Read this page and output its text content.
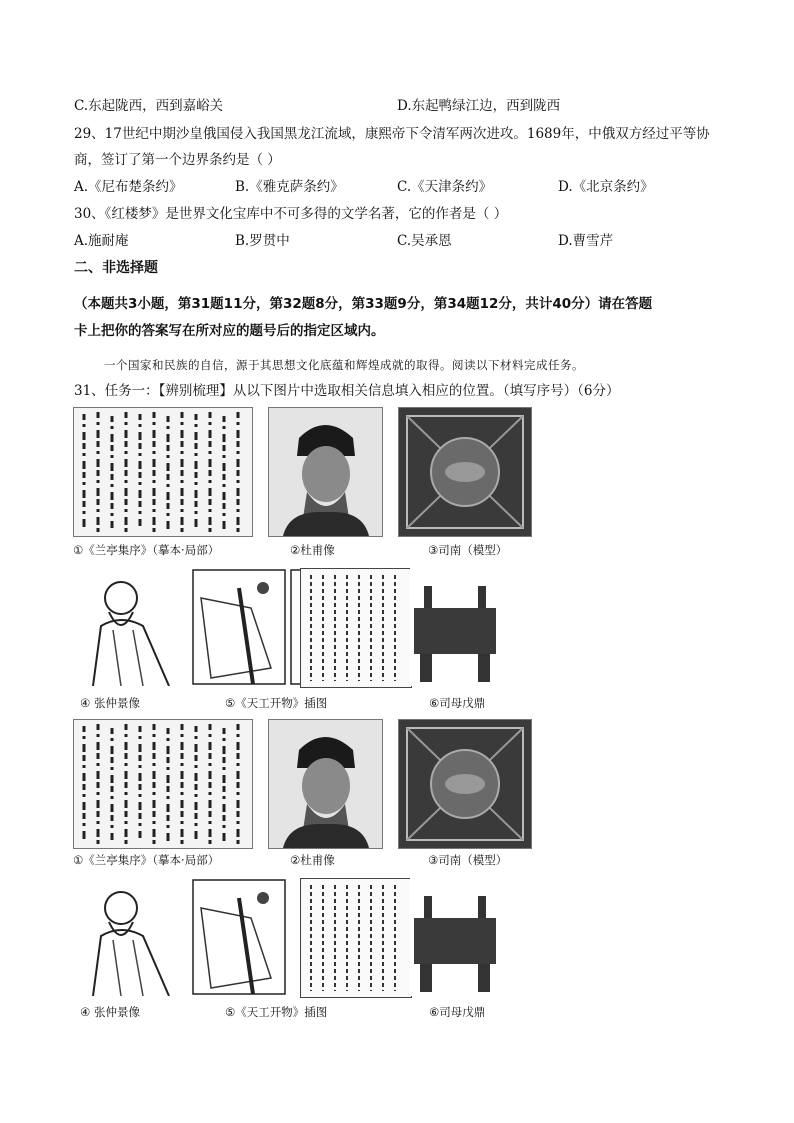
C.东起陇西，西到嘉峪关	D.东起鸭绿江边，西到陇西
29、17世纪中期沙皇俄国侵入我国黑龙江流域，康熙帝下令清军两次进攻。1689年，中俄双方经过平等协
商，签订了第一个边界条约是（ ）
A.《尼布楚条约》	B.《雅克萨条约》	C.《天津条约》	D.《北京条约》
30、《红楼梦》是世界文化宝库中不可多得的文学名著，它的作者是（ ）
A.施耐庵	B.罗贯中	C.吴承恩	D.曹雪芹
二、非选择题
（本题共3小题，第31题11分，第32题8分，第33题9分，第34题12分，共计40分）请在答题
卡上把你的答案写在所对应的题号后的指定区域内。
一个国家和民族的自信，源于其思想文化底蕴和辉煌成就的取得。阅读以下材料完成任务。
31、任务一：【辨别梳理】从以下图片中选取相关信息填入相应的位置。（填写序号）（6分）
①《兰亭集序》（摹本·局部）	②杜甫像	③司南（模型）
④ 张仲景像	⑤《天工开物》插图	⑥司母戊鼎
①《兰亭集序》（摹本·局部）	②杜甫像	③司南（模型）
④ 张仲景像	⑤《天工开物》插图	⑥司母戊鼎
